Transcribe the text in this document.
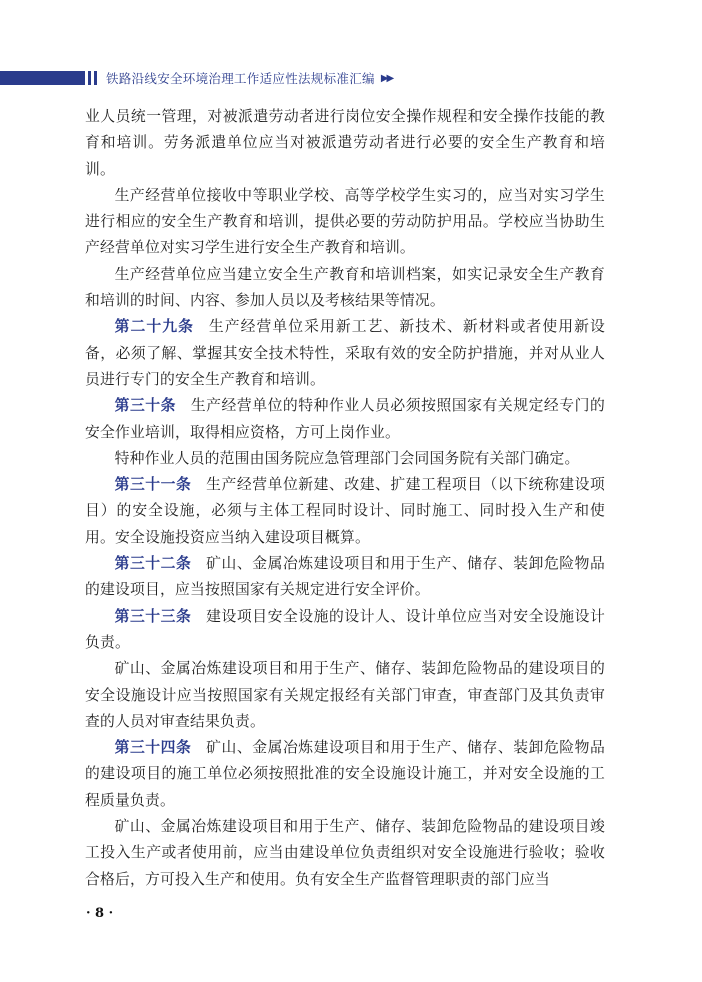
铁路沿线安全环境治理工作适应性法规标准汇编 ▶▶

业人员统一管理，对被派遣劳动者进行岗位安全操作规程和安全操作技能的教育和培训。劳务派遣单位应当对被派遣劳动者进行必要的安全生产教育和培训。

生产经营单位接收中等职业学校、高等学校学生实习的，应当对实习学生进行相应的安全生产教育和培训，提供必要的劳动防护用品。学校应当协助生产经营单位对实习学生进行安全生产教育和培训。

生产经营单位应当建立安全生产教育和培训档案，如实记录安全生产教育和培训的时间、内容、参加人员以及考核结果等情况。

第二十九条 生产经营单位采用新工艺、新技术、新材料或者使用新设备，必须了解、掌握其安全技术特性，采取有效的安全防护措施，并对从业人员进行专门的安全生产教育和培训。

第三十条 生产经营单位的特种作业人员必须按照国家有关规定经专门的安全作业培训，取得相应资格，方可上岗作业。

特种作业人员的范围由国务院应急管理部门会同国务院有关部门确定。

第三十一条 生产经营单位新建、改建、扩建工程项目（以下统称建设项目）的安全设施，必须与主体工程同时设计、同时施工、同时投入生产和使用。安全设施投资应当纳入建设项目概算。

第三十二条 矿山、金属冶炼建设项目和用于生产、储存、装卸危险物品的建设项目，应当按照国家有关规定进行安全评价。

第三十三条 建设项目安全设施的设计人、设计单位应当对安全设施设计负责。

矿山、金属冶炼建设项目和用于生产、储存、装卸危险物品的建设项目的安全设施设计应当按照国家有关规定报经有关部门审查，审查部门及其负责审查的人员对审查结果负责。

第三十四条 矿山、金属冶炼建设项目和用于生产、储存、装卸危险物品的建设项目的施工单位必须按照批准的安全设施设计施工，并对安全设施的工程质量负责。

矿山、金属冶炼建设项目和用于生产、储存、装卸危险物品的建设项目竣工投入生产或者使用前，应当由建设单位负责组织对安全设施进行验收；验收合格后，方可投入生产和使用。负有安全生产监督管理职责的部门应当

· 8 ·
